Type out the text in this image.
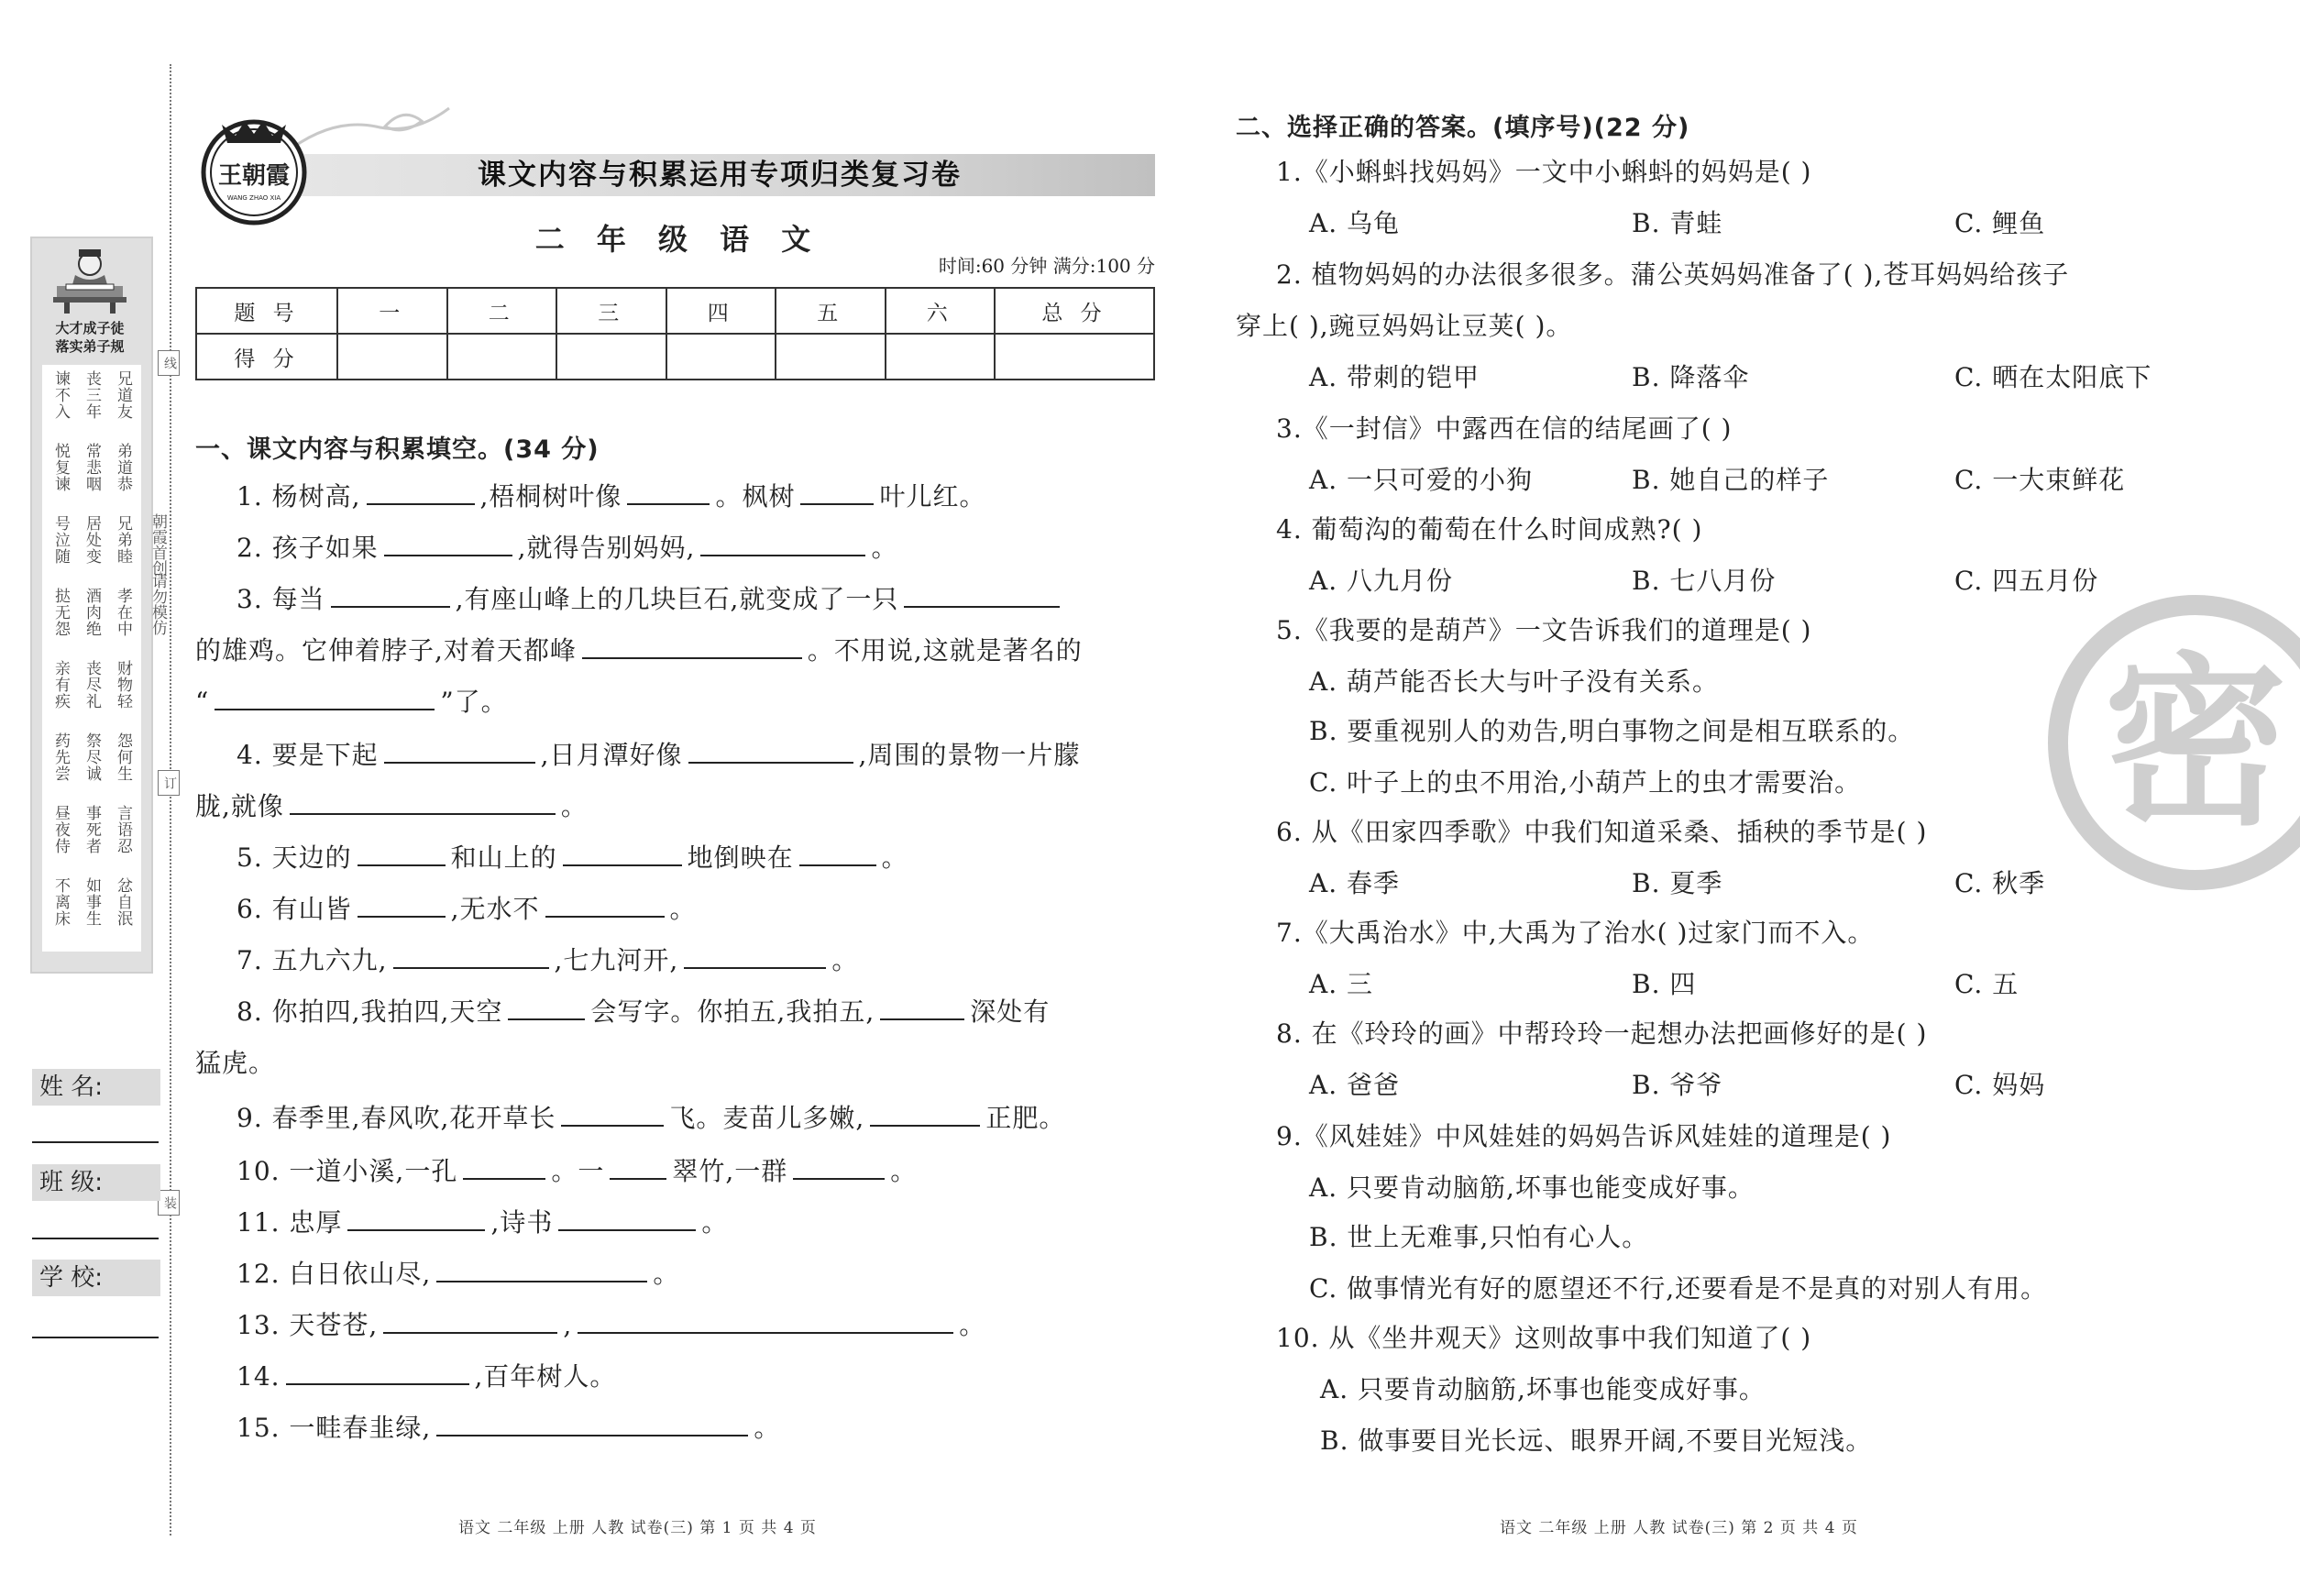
大才成子徒
落实弟子规
兄道友
弟道恭
兄弟睦
孝在中
财物轻
怨何生
言语忍
忿自泯
丧三年
常悲咽
居处变
酒肉绝
丧尽礼
祭尽诚
事死者
如事生
谏不入
悦复谏
号泣随
挞无怨
亲有疾
药先尝
昼夜侍
不离床
朝霞首创
请勿模仿
线
订
装
姓 名:
班 级:
学 校:
王朝霞
WANG ZHAO XIA
课文内容与积累运用专项归类复习卷
二 年 级 语 文
时间:60 分钟 满分:100 分
题 号	一	二	三	四	五	六	总 分
得 分							
一、课文内容与积累填空。(34 分)
1. 杨树高,	,梧桐树叶像	。枫树	叶儿红。
2. 孩子如果	,就得告别妈妈,	。
3. 每当	,有座山峰上的几块巨石,就变成了一只
的雄鸡。它伸着脖子,对着天都峰	。不用说,这就是著名的
“	”了。
4. 要是下起	,日月潭好像	,周围的景物一片朦
胧,就像	。
5. 天边的	和山上的	地倒映在	。
6. 有山皆	,无水不	。
7. 五九六九,	,七九河开,	。
8. 你拍四,我拍四,天空	会写字。你拍五,我拍五,	深处有
猛虎。
9. 春季里,春风吹,花开草长	飞。麦苗儿多嫩,	正肥。
10. 一道小溪,一孔	。一	翠竹,一群	。
11. 忠厚	,诗书	。
12. 白日依山尽,	。
13. 天苍苍,	,	。
14.	,百年树人。
15. 一畦春韭绿,	。
语文 二年级 上册 人教 试卷(三) 第 1 页 共 4 页
密
二、选择正确的答案。(填序号)(22 分)
1.《小蝌蚪找妈妈》一文中小蝌蚪的妈妈是( )
A. 乌龟	B. 青蛙	C. 鲤鱼
2. 植物妈妈的办法很多很多。蒲公英妈妈准备了( ),苍耳妈妈给孩子
穿上( ),豌豆妈妈让豆荚( )。
A. 带刺的铠甲	B. 降落伞	C. 晒在太阳底下
3.《一封信》中露西在信的结尾画了( )
A. 一只可爱的小狗	B. 她自己的样子	C. 一大束鲜花
4. 葡萄沟的葡萄在什么时间成熟?( )
A. 八九月份	B. 七八月份	C. 四五月份
5.《我要的是葫芦》一文告诉我们的道理是( )
A. 葫芦能否长大与叶子没有关系。
B. 要重视别人的劝告,明白事物之间是相互联系的。
C. 叶子上的虫不用治,小葫芦上的虫才需要治。
6. 从《田家四季歌》中我们知道采桑、插秧的季节是( )
A. 春季	B. 夏季	C. 秋季
7.《大禹治水》中,大禹为了治水( )过家门而不入。
A. 三	B. 四	C. 五
8. 在《玲玲的画》中帮玲玲一起想办法把画修好的是( )
A. 爸爸	B. 爷爷	C. 妈妈
9.《风娃娃》中风娃娃的妈妈告诉风娃娃的道理是( )
A. 只要肯动脑筋,坏事也能变成好事。
B. 世上无难事,只怕有心人。
C. 做事情光有好的愿望还不行,还要看是不是真的对别人有用。
10. 从《坐井观天》这则故事中我们知道了( )
A. 只要肯动脑筋,坏事也能变成好事。
B. 做事要目光长远、眼界开阔,不要目光短浅。
语文 二年级 上册 人教 试卷(三) 第 2 页 共 4 页
